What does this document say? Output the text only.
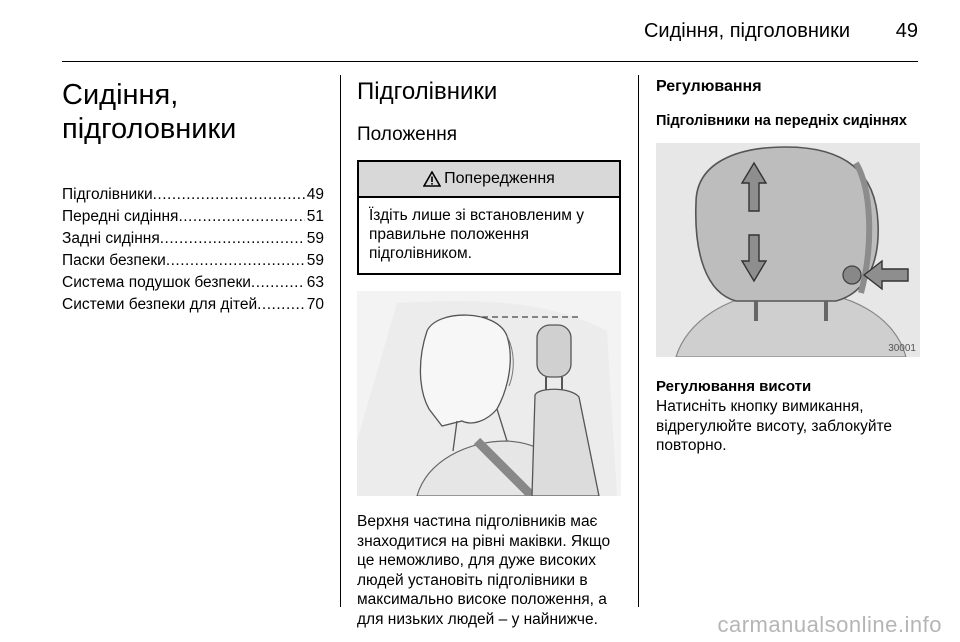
Сидіння, підголовники 49
Сидіння,
підголовники
Підголівники .....	49
Передні сидіння .....	51
Задні сидіння .....	59
Паски безпеки .....	59
Система подушок безпеки .....	63
Системи безпеки для дітей .....	70
Підголівники
Положення
Попередження
Їздіть лише зі встановленим у правильне положення підголівником.
Верхня частина підголівників має знаходитися на рівні маківки. Якщо це неможливо, для дуже високих людей установіть підголівники в максимально високе положення, а для низьких людей – у найнижче.
Регулювання
Підголівники на передніх сидіннях
30001
Регулювання висоти
Натисніть кнопку вимикання, відрегулюйте висоту, заблокуйте повторно.
carmanualsonline.info
